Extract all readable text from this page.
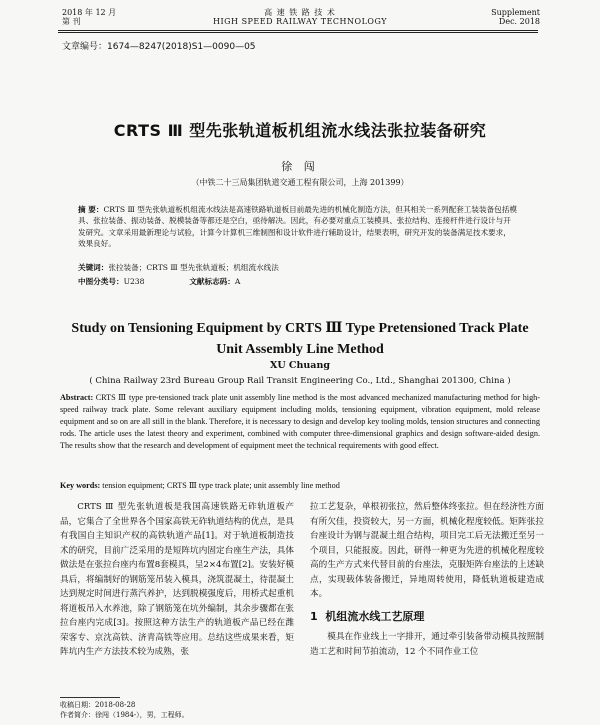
2018 年 12 月
第 刊
高 速 铁 路 技 术
HIGH SPEED RAILWAY TECHNOLOGY
Supplement
Dec. 2018
文章编号：1674—8247(2018)S1—0090—05
CRTS Ⅲ 型先张轨道板机组流水线法张拉装备研究
徐 闯
（中铁二十三局集团轨道交通工程有限公司，上海 201399）
摘 要：CRTS Ⅲ 型先张轨道板机组流水线法是高速铁路轨道板目前最先进的机械化制造方法，但其相关一系列配套工装装备包括模具、张拉装备、振动装备、脱模装备等都还是空白，亟待解决。因此，有必要对重点工装模具、张拉结构、连接杆件进行设计与开发研究。文章采用最新理论与试验，计算今计算机三维制图和设计软件进行辅助设计，结果表明，研究开发的装备满足技术要求，效果良好。
关键词：张拉装备；CRTS Ⅲ 型先张轨道板；机组流水线法
中图分类号：U238	文献标志码：A
Study on Tensioning Equipment by CRTS Ⅲ Type Pretensioned Track Plate Unit Assembly Line Method
XU Chuang
( China Railway 23rd Bureau Group Rail Transit Engineering Co., Ltd., Shanghai 201300, China )
Abstract: CRTS Ⅲ type pre-tensioned track plate unit assembly line method is the most advanced mechanized manufacturing method for high-speed railway track plate. Some relevant auxiliary equipment including molds, tensioning equipment, vibration equipment, mold release equipment and so on are all still in the blank. Therefore, it is necessary to design and develop key tooling molds, tension structures and connecting rods. The article uses the latest theory and experiment, combined with computer three-dimensional graphics and design software-aided design. The results show that the research and development of equipment meet the technical requirements with good effect.
Key words: tension equipment; CRTS Ⅲ type track plate; unit assembly line method
CRTS Ⅲ 型先张轨道板是我国高速铁路无砟轨道板产品，它集合了全世界各个国家高铁无砟轨道结构的优点，是具有我国自主知识产权的高铁轨道产品[1]。对于轨道板制造技术的研究，目前广泛采用的是短阵坑内固定台座生产法，具体做法是在张拉台座内布置8套模具，呈2×4布置[2]。安装好模具后，将编制好的钢筋笼吊装入模具，浇筑混凝土，待混凝土达到规定时间进行蒸汽养护，达到脱模强度后，用桥式起重机将道板吊入水养池，除了钢筋笼在坑外编制，其余步骤都在张拉台座内完成[3]。按照这种方法生产的轨道板产品已经在潍荣客专、京沈高铁、济青高铁等应用。总结这些成果来看，矩阵坑内生产方法技术较为成熟，张
拉工艺复杂，单根初张拉，然后整体终张拉。但在经济性方面有所欠佳，投资较大，另一方面，机械化程度较低。矩阵张拉台座设计为钢与混凝土组合结构，项目完工后无法搬迁至另一个项目，只能报废。因此，研得一种更为先进的机械化程度较高的生产方式来代替目前的台座法，克服矩阵台座法的上述缺点，实现载体装备搬迁，异地周转使用，降低轨道板建造成本。
1 机组流水线工艺原理
模具在作业线上一字排开，通过牵引装备带动模具按照制造工艺和时间节拍流动，12 个不同作业工位
收稿日期：2018-08-28
作者简介：徐闯（1984-），男，工程师。
